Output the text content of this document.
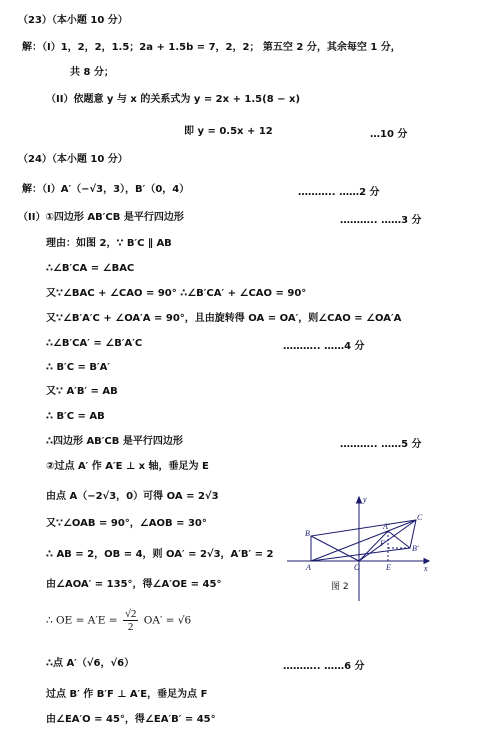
（23）（本小题 10 分）
解：（I）1，2，2，1.5；2a + 1.5b = 7，2，2； 第五空 2 分，其余每空 1 分，
共 8 分；
（II）依题意 y 与 x 的关系式为 y = 2x + 1.5(8 − x)
即 y = 0.5x + 12
（24）（本小题 10 分）
解：（I）A′（−√3，3），B′（0，4）
（II）①四边形 AB′CB 是平行四边形
理由：如图 2，∵ B′C ∥ AB
∴∠B′CA = ∠BAC
又∵∠BAC + ∠CAO = 90° ∴∠B′CA′ + ∠CAO = 90°
又∵∠B′A′C + ∠OA′A = 90°，且由旋转得 OA = OA′，则∠CAO = ∠OA′A
∴∠B′CA′ = ∠B′A′C
∴ B′C = B′A′
又∵ A′B′ = AB
∴ B′C = AB
∴四边形 AB′CB 是平行四边形
②过点 A′ 作 A′E ⊥ x 轴，垂足为 E
由点 A（−2√3，0）可得 OA = 2√3
又∵∠OAB = 90°，∠AOB = 30°
∴ AB = 2，OB = 4，则 OA′ = 2√3，A′B′ = 2
由∠AOA′ = 135°，得∠A′OE = 45°
∴点 A′（√6，√6）
过点 B′ 作 B′F ⊥ A′E，垂足为点 F
由∠EA′O = 45°，得∠EA′B′ = 45°
∴ OE = $A'E = \frac{√2}{2} OA' = √6$
…10 分
……….. ……2 分
……….. ……3 分
……….. ……4 分
……….. ……5 分
……….. ……6 分
y
x
O
A
B
C
A′
B′
E
F
图 2
